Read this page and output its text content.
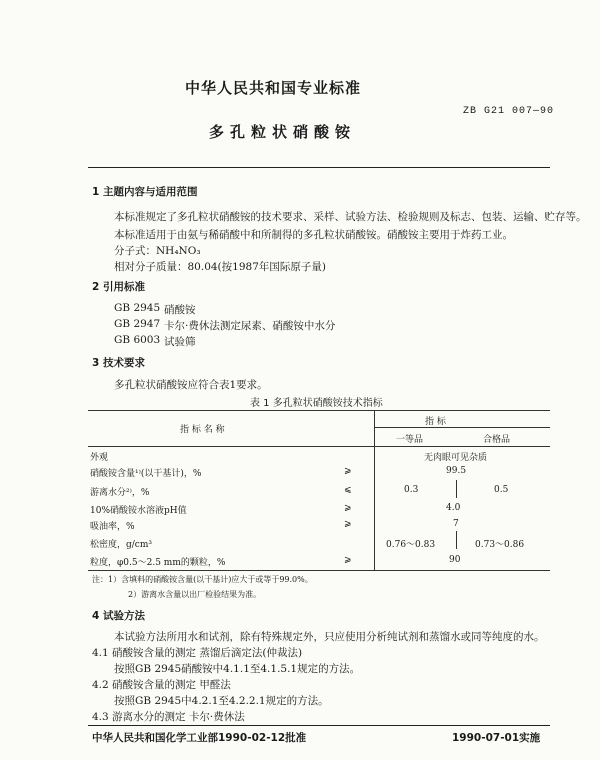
中华人民共和国专业标准
ZB G21 007—90
多孔粒状硝酸铵
1 主题内容与适用范围
本标准规定了多孔粒状硝酸铵的技术要求、采样、试验方法、检验规则及标志、包装、运输、贮存等。
本标准适用于由氨与稀硝酸中和所制得的多孔粒状硝酸铵。硝酸铵主要用于炸药工业。
分子式：NH₄NO₃
相对分子质量：80.04(按1987年国际原子量)
2 引用标准
GB 2945 硝酸铵
GB 2947 卡尔·费休法测定尿素、硝酸铵中水分
GB 6003 试验筛
3 技术要求
多孔粒状硝酸铵应符合表1要求。
表 1 多孔粒状硝酸铵技术指标
指 标 名 称
指 标
一等品	合格品
外观	无肉眼可见杂质
硝酸铵含量¹⁾(以干基计)，%	⩾	99.5
游离水分²⁾，%	⩽	0.3	0.5
10%硝酸铵水溶液pH值	⩾	4.0
吸油率，%	⩾	7
松密度，g/cm³	0.76～0.83	0.73～0.86
粒度，φ0.5～2.5 mm的颗粒，%	⩾	90
注：1）含填料的硝酸铵含量(以干基计)应大于或等于99.0%。
2）游离水含量以出厂检验结果为准。
4 试验方法
本试验方法所用水和试剂，除有特殊规定外，只应使用分析纯试剂和蒸馏水或同等纯度的水。
4.1 硝酸铵含量的测定 蒸馏后滴定法(仲裁法)
按照GB 2945硝酸铵中4.1.1至4.1.5.1规定的方法。
4.2 硝酸铵含量的测定 甲醛法
按照GB 2945中4.2.1至4.2.2.1规定的方法。
4.3 游离水分的测定 卡尔·费休法
中华人民共和国化学工业部1990-02-12批准	1990-07-01实施
